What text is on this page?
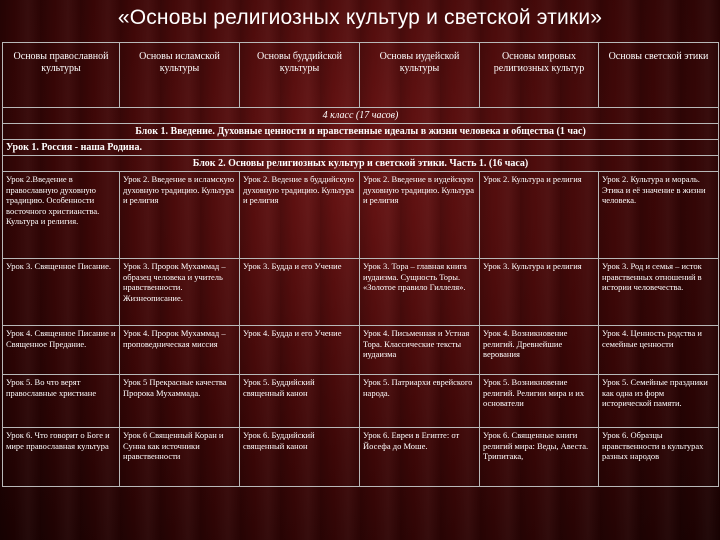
«Основы религиозных культур и светской этики»
Основы православной культуры	Основы исламской культуры	Основы буддийской культуры	Основы иудейской культуры	Основы мировых религиозных культур	Основы светской этики
4 класс (17 часов)					
Блок 1. Введение. Духовные ценности и нравственные идеалы в жизни человека и общества (1 час)					
Урок 1. Россия - наша Родина.					
Блок 2. Основы религиозных культур и светской этики. Часть 1. (16 часа)					
Урок 2.Введение в православную духовную традицию. Особенности восточного христианства. Культура и религия.	Урок 2. Введение в исламскую духовную традицию. Культура и религия	Урок 2. Ведение в буддийскую духовную традицию. Культура и религия	Урок 2. Введение в иудейскую духовную традицию. Культура и религия	Урок 2. Культура и религия	Урок 2. Культура и мораль. Этика и её значение в жизни человека.
Урок 3. Священное Писание.	Урок 3. Пророк Мухаммад – образец человека и учитель нравственности. Жизнеописание.	Урок 3. Будда и его Учение	Урок 3. Тора – главная книга иудаизма. Сущность Торы. «Золотое правило Гиллеля».	Урок 3. Культура и религия	Урок 3. Род и семья – исток нравственных отношений в истории человечества.
Урок 4. Священное Писание и Священное Предание.	Урок 4. Пророк Мухаммад – проповедническая миссия	Урок 4. Будда и его Учение	Урок 4. Письменная и Устная Тора. Классические тексты иудаизма	Урок 4. Возникновение религий. Древнейшие верования	Урок 4. Ценность родства и семейные ценности
Урок 5. Во что верят православные христиане	Урок 5 Прекрасные качества Пророка Мухаммада.	Урок 5. Буддийский священный канон	Урок 5. Патриархи еврейского народа.	Урок 5. Возникновение религий. Религии мира и их основатели	Урок 5. Семейные праздники как одна из форм исторической памяти.
Урок 6. Что говорит о Боге и мире православная культура	Урок 6 Священный Коран и Сунна как источники нравственности	Урок 6. Буддийский священный канон	Урок 6. Евреи в Египте: от Йосефа до Моше.	Урок 6. Священные книги религий мира: Веды, Авеста. Трипитака,	Урок 6. Образцы нравственности в культурах разных народов
